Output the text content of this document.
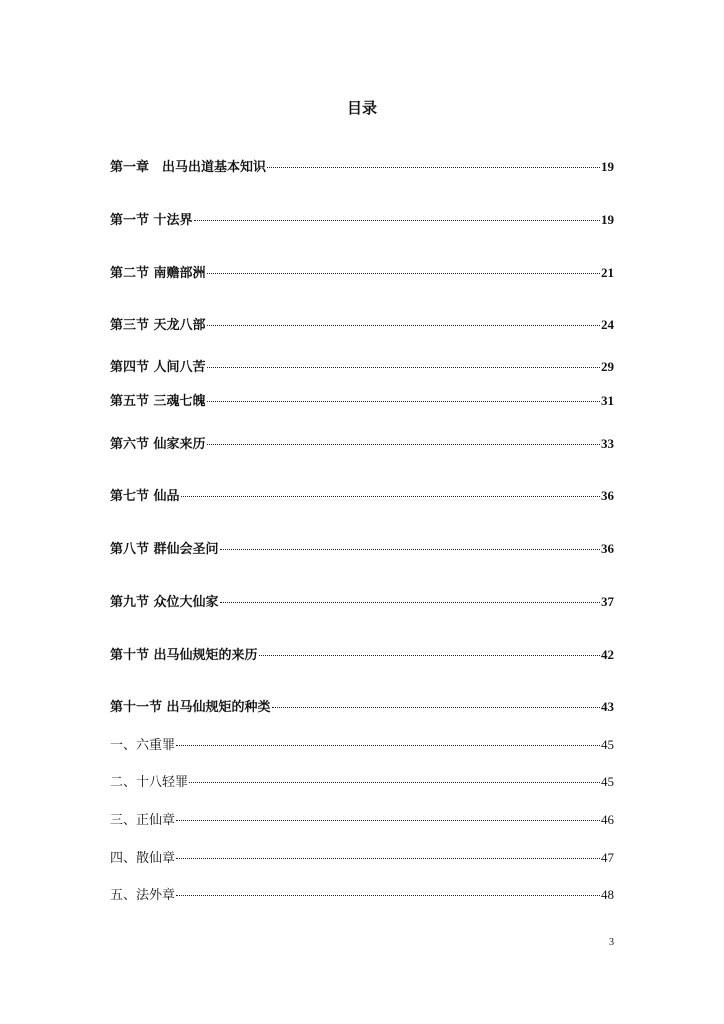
目录
第一章　出马出道基本知识	19
第一节 十法界	19
第二节 南赡部洲	21
第三节 天龙八部	24
第四节 人间八苦	29
第五节 三魂七魄	31
第六节 仙家来历	33
第七节 仙品	36
第八节 群仙会圣问	36
第九节 众位大仙家	37
第十节 出马仙规矩的来历	42
第十一节 出马仙规矩的种类	43
一、六重罪	45
二、十八轻罪	45
三、正仙章	46
四、散仙章	47
五、法外章	48
3
